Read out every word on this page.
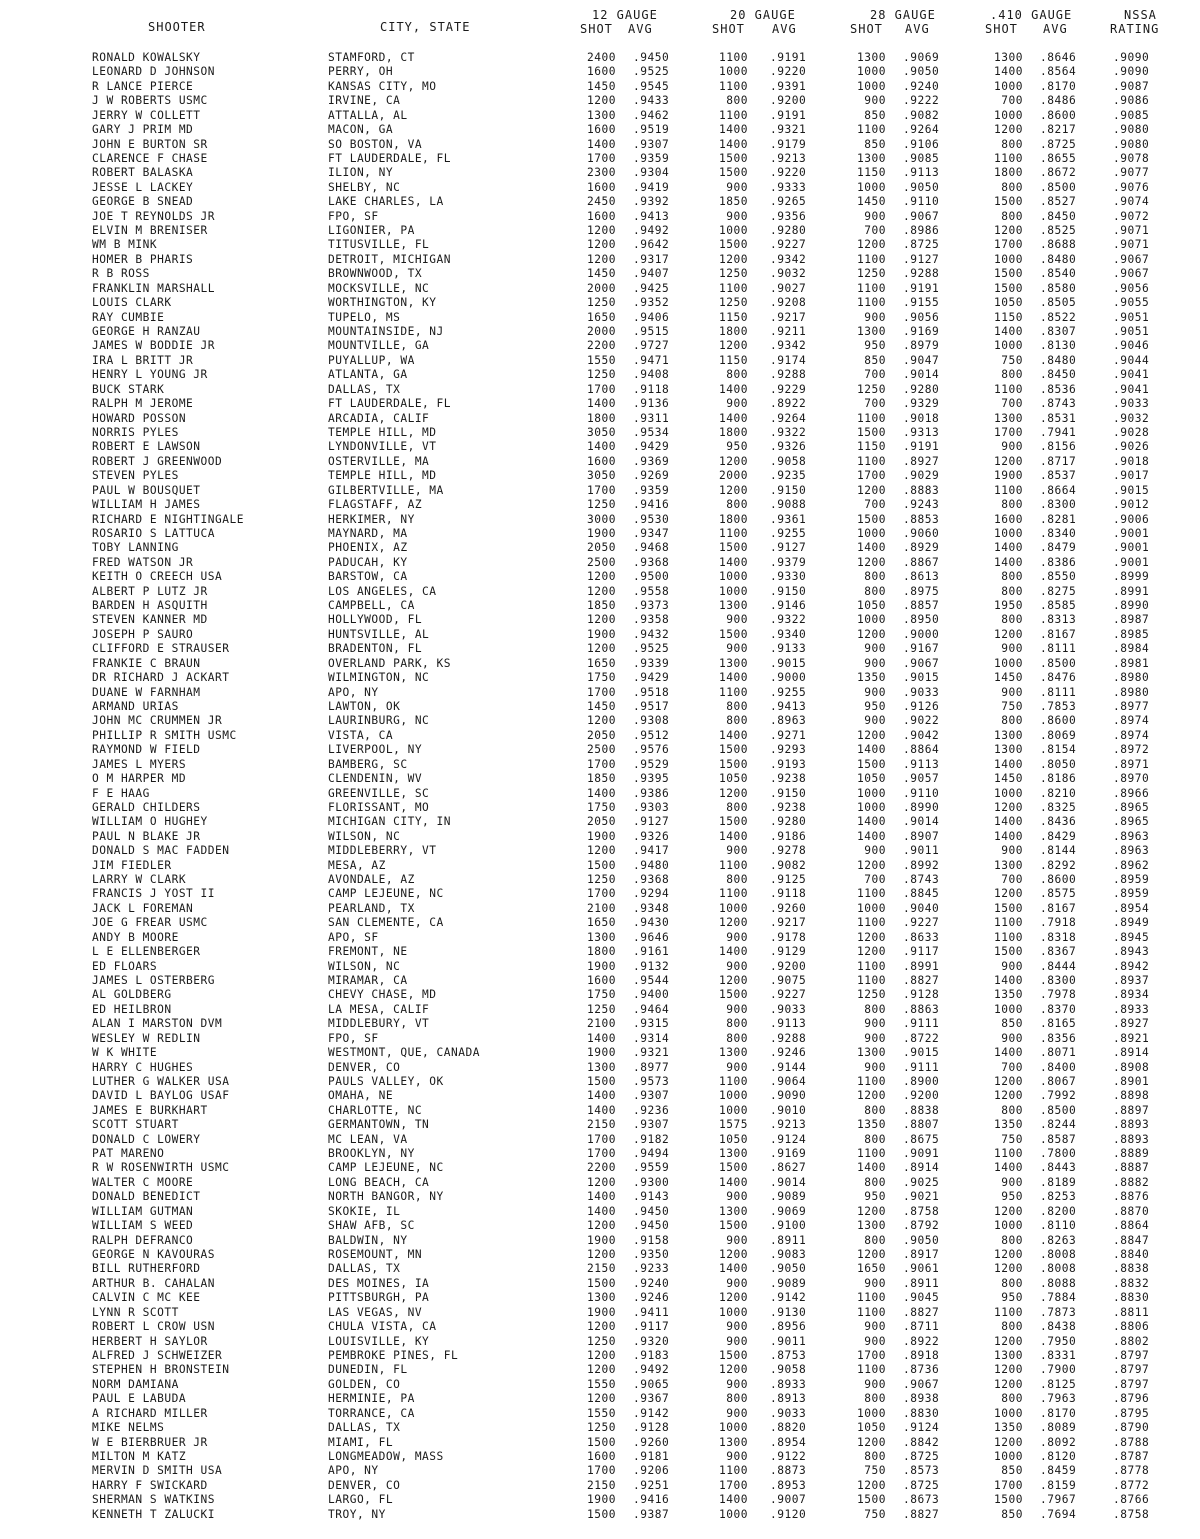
SHOOTER	CITY, STATE
12 GAUGE
SHOT AVG
20 GAUGE
SHOT AVG
28 GAUGE
SHOT AVG
.410 GAUGE
SHOT AVG
NSSA
RATING
RONALD KOWALSKY	STAMFORD, CT	2400 .9450	1100 .9191	1300 .9069	1300 .8646	.9090
LEONARD D JOHNSON	PERRY, OH	1600 .9525	1000 .9220	1000 .9050	1400 .8564	.9090
R LANCE PIERCE	KANSAS CITY, MO	1450 .9545	1100 .9391	1000 .9240	1000 .8170	.9087
J W ROBERTS USMC	IRVINE, CA	1200 .9433	800 .9200	900 .9222	700 .8486	.9086
JERRY W COLLETT	ATTALLA, AL	1300 .9462	1100 .9191	850 .9082	1000 .8600	.9085
GARY J PRIM MD	MACON, GA	1600 .9519	1400 .9321	1100 .9264	1200 .8217	.9080
JOHN E BURTON SR	SO BOSTON, VA	1400 .9307	1400 .9179	850 .9106	800 .8725	.9080
CLARENCE F CHASE	FT LAUDERDALE, FL	1700 .9359	1500 .9213	1300 .9085	1100 .8655	.9078
ROBERT BALASKA	ILION, NY	2300 .9304	1500 .9220	1150 .9113	1800 .8672	.9077
JESSE L LACKEY	SHELBY, NC	1600 .9419	900 .9333	1000 .9050	800 .8500	.9076
GEORGE B SNEAD	LAKE CHARLES, LA	2450 .9392	1850 .9265	1450 .9110	1500 .8527	.9074
JOE T REYNOLDS JR	FPO, SF	1600 .9413	900 .9356	900 .9067	800 .8450	.9072
ELVIN M BRENISER	LIGONIER, PA	1200 .9492	1000 .9280	700 .8986	1200 .8525	.9071
WM B MINK	TITUSVILLE, FL	1200 .9642	1500 .9227	1200 .8725	1700 .8688	.9071
HOMER B PHARIS	DETROIT, MICHIGAN	1200 .9317	1200 .9342	1100 .9127	1000 .8480	.9067
R B ROSS	BROWNWOOD, TX	1450 .9407	1250 .9032	1250 .9288	1500 .8540	.9067
FRANKLIN MARSHALL	MOCKSVILLE, NC	2000 .9425	1100 .9027	1100 .9191	1500 .8580	.9056
LOUIS CLARK	WORTHINGTON, KY	1250 .9352	1250 .9208	1100 .9155	1050 .8505	.9055
RAY CUMBIE	TUPELO, MS	1650 .9406	1150 .9217	900 .9056	1150 .8522	.9051
GEORGE H RANZAU	MOUNTAINSIDE, NJ	2000 .9515	1800 .9211	1300 .9169	1400 .8307	.9051
JAMES W BODDIE JR	MOUNTVILLE, GA	2200 .9727	1200 .9342	950 .8979	1000 .8130	.9046
IRA L BRITT JR	PUYALLUP, WA	1550 .9471	1150 .9174	850 .9047	750 .8480	.9044
HENRY L YOUNG JR	ATLANTA, GA	1250 .9408	800 .9288	700 .9014	800 .8450	.9041
BUCK STARK	DALLAS, TX	1700 .9118	1400 .9229	1250 .9280	1100 .8536	.9041
RALPH M JEROME	FT LAUDERDALE, FL	1400 .9136	900 .8922	700 .9329	700 .8743	.9033
HOWARD POSSON	ARCADIA, CALIF	1800 .9311	1400 .9264	1100 .9018	1300 .8531	.9032
NORRIS PYLES	TEMPLE HILL, MD	3050 .9534	1800 .9322	1500 .9313	1700 .7941	.9028
ROBERT E LAWSON	LYNDONVILLE, VT	1400 .9429	950 .9326	1150 .9191	900 .8156	.9026
ROBERT J GREENWOOD	OSTERVILLE, MA	1600 .9369	1200 .9058	1100 .8927	1200 .8717	.9018
STEVEN PYLES	TEMPLE HILL, MD	3050 .9269	2000 .9235	1700 .9029	1900 .8537	.9017
PAUL W BOUSQUET	GILBERTVILLE, MA	1700 .9359	1200 .9150	1200 .8883	1100 .8664	.9015
WILLIAM H JAMES	FLAGSTAFF, AZ	1250 .9416	800 .9088	700 .9243	800 .8300	.9012
RICHARD E NIGHTINGALE	HERKIMER, NY	3000 .9530	1800 .9361	1500 .8853	1600 .8281	.9006
ROSARIO S LATTUCA	MAYNARD, MA	1900 .9347	1100 .9255	1000 .9060	1000 .8340	.9001
TOBY LANNING	PHOENIX, AZ	2050 .9468	1500 .9127	1400 .8929	1400 .8479	.9001
FRED WATSON JR	PADUCAH, KY	2500 .9368	1400 .9379	1200 .8867	1400 .8386	.9001
KEITH O CREECH USA	BARSTOW, CA	1200 .9500	1000 .9330	800 .8613	800 .8550	.8999
ALBERT P LUTZ JR	LOS ANGELES, CA	1200 .9558	1000 .9150	800 .8975	800 .8275	.8991
BARDEN H ASQUITH	CAMPBELL, CA	1850 .9373	1300 .9146	1050 .8857	1950 .8585	.8990
STEVEN KANNER MD	HOLLYWOOD, FL	1200 .9358	900 .9322	1000 .8950	800 .8313	.8987
JOSEPH P SAURO	HUNTSVILLE, AL	1900 .9432	1500 .9340	1200 .9000	1200 .8167	.8985
CLIFFORD E STRAUSER	BRADENTON, FL	1200 .9525	900 .9133	900 .9167	900 .8111	.8984
FRANKIE C BRAUN	OVERLAND PARK, KS	1650 .9339	1300 .9015	900 .9067	1000 .8500	.8981
DR RICHARD J ACKART	WILMINGTON, NC	1750 .9429	1400 .9000	1350 .9015	1450 .8476	.8980
DUANE W FARNHAM	APO, NY	1700 .9518	1100 .9255	900 .9033	900 .8111	.8980
ARMAND URIAS	LAWTON, OK	1450 .9517	800 .9413	950 .9126	750 .7853	.8977
JOHN MC CRUMMEN JR	LAURINBURG, NC	1200 .9308	800 .8963	900 .9022	800 .8600	.8974
PHILLIP R SMITH USMC	VISTA, CA	2050 .9512	1400 .9271	1200 .9042	1300 .8069	.8974
RAYMOND W FIELD	LIVERPOOL, NY	2500 .9576	1500 .9293	1400 .8864	1300 .8154	.8972
JAMES L MYERS	BAMBERG, SC	1700 .9529	1500 .9193	1500 .9113	1400 .8050	.8971
O M HARPER MD	CLENDENIN, WV	1850 .9395	1050 .9238	1050 .9057	1450 .8186	.8970
F E HAAG	GREENVILLE, SC	1400 .9386	1200 .9150	1000 .9110	1000 .8210	.8966
GERALD CHILDERS	FLORISSANT, MO	1750 .9303	800 .9238	1000 .8990	1200 .8325	.8965
WILLIAM O HUGHEY	MICHIGAN CITY, IN	2050 .9127	1500 .9280	1400 .9014	1400 .8436	.8965
PAUL N BLAKE JR	WILSON, NC	1900 .9326	1400 .9186	1400 .8907	1400 .8429	.8963
DONALD S MAC FADDEN	MIDDLEBERRY, VT	1200 .9417	900 .9278	900 .9011	900 .8144	.8963
JIM FIEDLER	MESA, AZ	1500 .9480	1100 .9082	1200 .8992	1300 .8292	.8962
LARRY W CLARK	AVONDALE, AZ	1250 .9368	800 .9125	700 .8743	700 .8600	.8959
FRANCIS J YOST II	CAMP LEJEUNE, NC	1700 .9294	1100 .9118	1100 .8845	1200 .8575	.8959
JACK L FOREMAN	PEARLAND, TX	2100 .9348	1000 .9260	1000 .9040	1500 .8167	.8954
JOE G FREAR USMC	SAN CLEMENTE, CA	1650 .9430	1200 .9217	1100 .9227	1100 .7918	.8949
ANDY B MOORE	APO, SF	1300 .9646	900 .9178	1200 .8633	1100 .8318	.8945
L E ELLENBERGER	FREMONT, NE	1800 .9161	1400 .9129	1200 .9117	1500 .8367	.8943
ED FLOARS	WILSON, NC	1900 .9132	900 .9200	1100 .8991	900 .8444	.8942
JAMES L OSTERBERG	MIRAMAR, CA	1600 .9544	1200 .9075	1100 .8827	1400 .8300	.8937
AL GOLDBERG	CHEVY CHASE, MD	1750 .9400	1500 .9227	1250 .9128	1350 .7978	.8934
ED HEILBRON	LA MESA, CALIF	1250 .9464	900 .9033	800 .8863	1000 .8370	.8933
ALAN I MARSTON DVM	MIDDLEBURY, VT	2100 .9315	800 .9113	900 .9111	850 .8165	.8927
WESLEY W REDLIN	FPO, SF	1400 .9314	800 .9288	900 .8722	900 .8356	.8921
W K WHITE	WESTMONT, QUE, CANADA	1900 .9321	1300 .9246	1300 .9015	1400 .8071	.8914
HARRY C HUGHES	DENVER, CO	1300 .8977	900 .9144	900 .9111	700 .8400	.8908
LUTHER G WALKER USA	PAULS VALLEY, OK	1500 .9573	1100 .9064	1100 .8900	1200 .8067	.8901
DAVID L BAYLOG USAF	OMAHA, NE	1400 .9307	1000 .9090	1200 .9200	1200 .7992	.8898
JAMES E BURKHART	CHARLOTTE, NC	1400 .9236	1000 .9010	800 .8838	800 .8500	.8897
SCOTT STUART	GERMANTOWN, TN	2150 .9307	1575 .9213	1350 .8807	1350 .8244	.8893
DONALD C LOWERY	MC LEAN, VA	1700 .9182	1050 .9124	800 .8675	750 .8587	.8893
PAT MARENO	BROOKLYN, NY	1700 .9494	1300 .9169	1100 .9091	1100 .7800	.8889
R W ROSENWIRTH USMC	CAMP LEJEUNE, NC	2200 .9559	1500 .8627	1400 .8914	1400 .8443	.8887
WALTER C MOORE	LONG BEACH, CA	1200 .9300	1400 .9014	800 .9025	900 .8189	.8882
DONALD BENEDICT	NORTH BANGOR, NY	1400 .9143	900 .9089	950 .9021	950 .8253	.8876
WILLIAM GUTMAN	SKOKIE, IL	1400 .9450	1300 .9069	1200 .8758	1200 .8200	.8870
WILLIAM S WEED	SHAW AFB, SC	1200 .9450	1500 .9100	1300 .8792	1000 .8110	.8864
RALPH DEFRANCO	BALDWIN, NY	1900 .9158	900 .8911	800 .9050	800 .8263	.8847
GEORGE N KAVOURAS	ROSEMOUNT, MN	1200 .9350	1200 .9083	1200 .8917	1200 .8008	.8840
BILL RUTHERFORD	DALLAS, TX	2150 .9233	1400 .9050	1650 .9061	1200 .8008	.8838
ARTHUR B. CAHALAN	DES MOINES, IA	1500 .9240	900 .9089	900 .8911	800 .8088	.8832
CALVIN C MC KEE	PITTSBURGH, PA	1300 .9246	1200 .9142	1100 .9045	950 .7884	.8830
LYNN R SCOTT	LAS VEGAS, NV	1900 .9411	1000 .9130	1100 .8827	1100 .7873	.8811
ROBERT L CROW USN	CHULA VISTA, CA	1200 .9117	900 .8956	900 .8711	800 .8438	.8806
HERBERT H SAYLOR	LOUISVILLE, KY	1250 .9320	900 .9011	900 .8922	1200 .7950	.8802
ALFRED J SCHWEIZER	PEMBROKE PINES, FL	1200 .9183	1500 .8753	1700 .8918	1300 .8331	.8797
STEPHEN H BRONSTEIN	DUNEDIN, FL	1200 .9492	1200 .9058	1100 .8736	1200 .7900	.8797
NORM DAMIANA	GOLDEN, CO	1550 .9065	900 .8933	900 .9067	1200 .8125	.8797
PAUL E LABUDA	HERMINIE, PA	1200 .9367	800 .8913	800 .8938	800 .7963	.8796
A RICHARD MILLER	TORRANCE, CA	1550 .9142	900 .9033	1000 .8830	1000 .8170	.8795
MIKE NELMS	DALLAS, TX	1250 .9128	1000 .8820	1050 .9124	1350 .8089	.8790
W E BIERBRUER JR	MIAMI, FL	1500 .9260	1300 .8954	1200 .8842	1200 .8092	.8788
MILTON M KATZ	LONGMEADOW, MASS	1600 .9181	900 .9122	800 .8725	1000 .8120	.8787
MERVIN D SMITH USA	APO, NY	1700 .9206	1100 .8873	750 .8573	850 .8459	.8778
HARRY F SWICKARD	DENVER, CO	2150 .9251	1700 .8953	1200 .8725	1700 .8159	.8772
SHERMAN S WATKINS	LARGO, FL	1900 .9416	1400 .9007	1500 .8673	1500 .7967	.8766
KENNETH T ZALUCKI	TROY, NY	1500 .9387	1000 .9120	750 .8827	850 .7694	.8758
